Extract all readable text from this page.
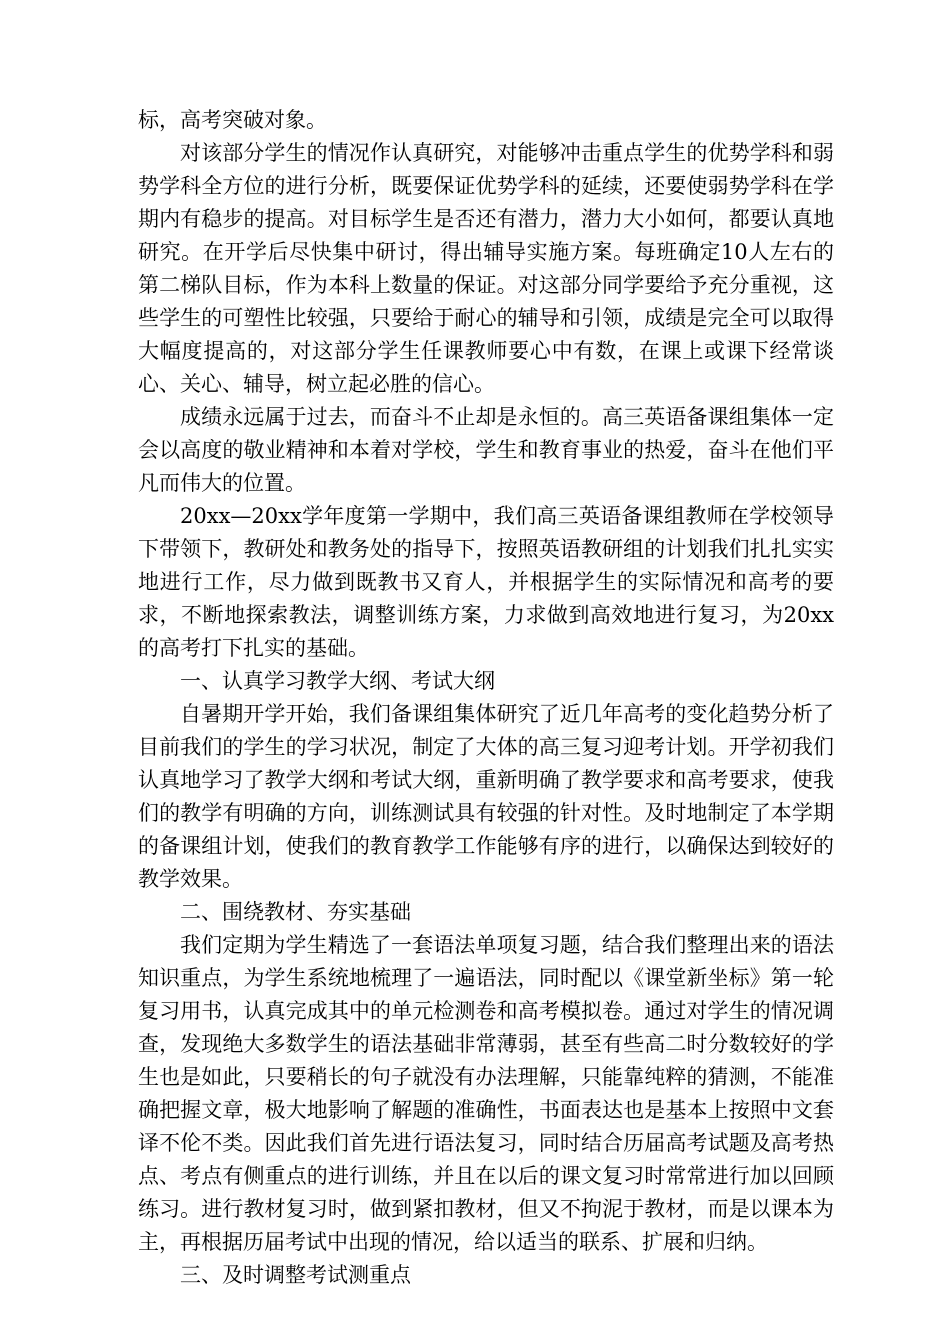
标，高考突破对象。

对该部分学生的情况作认真研究，对能够冲击重点学生的优势学科和弱势学科全方位的进行分析，既要保证优势学科的延续，还要使弱势学科在学期内有稳步的提高。对目标学生是否还有潜力，潜力大小如何，都要认真地研究。在开学后尽快集中研讨，得出辅导实施方案。每班确定10人左右的第二梯队目标，作为本科上数量的保证。对这部分同学要给予充分重视，这些学生的可塑性比较强，只要给于耐心的辅导和引领，成绩是完全可以取得大幅度提高的，对这部分学生任课教师要心中有数，在课上或课下经常谈心、关心、辅导，树立起必胜的信心。

成绩永远属于过去，而奋斗不止却是永恒的。高三英语备课组集体一定会以高度的敬业精神和本着对学校，学生和教育事业的热爱，奋斗在他们平凡而伟大的位置。

20xx—20xx学年度第一学期中，我们高三英语备课组教师在学校领导下带领下，教研处和教务处的指导下，按照英语教研组的计划我们扎扎实实地进行工作，尽力做到既教书又育人，并根据学生的实际情况和高考的要求，不断地探索教法，调整训练方案，力求做到高效地进行复习，为20xx的高考打下扎实的基础。

一、认真学习教学大纲、考试大纲

自暑期开学开始，我们备课组集体研究了近几年高考的变化趋势分析了目前我们的学生的学习状况，制定了大体的高三复习迎考计划。开学初我们认真地学习了教学大纲和考试大纲，重新明确了教学要求和高考要求，使我们的教学有明确的方向，训练测试具有较强的针对性。及时地制定了本学期的备课组计划，使我们的教育教学工作能够有序的进行，以确保达到较好的教学效果。

二、围绕教材、夯实基础

我们定期为学生精选了一套语法单项复习题，结合我们整理出来的语法知识重点，为学生系统地梳理了一遍语法，同时配以《课堂新坐标》第一轮复习用书，认真完成其中的单元检测卷和高考模拟卷。通过对学生的情况调查，发现绝大多数学生的语法基础非常薄弱，甚至有些高二时分数较好的学生也是如此，只要稍长的句子就没有办法理解，只能靠纯粹的猜测，不能准确把握文章，极大地影响了解题的准确性，书面表达也是基本上按照中文套译不伦不类。因此我们首先进行语法复习，同时结合历届高考试题及高考热点、考点有侧重点的进行训练，并且在以后的课文复习时常常进行加以回顾练习。进行教材复习时，做到紧扣教材，但又不拘泥于教材，而是以课本为主，再根据历届考试中出现的情况，给以适当的联系、扩展和归纳。

三、及时调整考试测重点
